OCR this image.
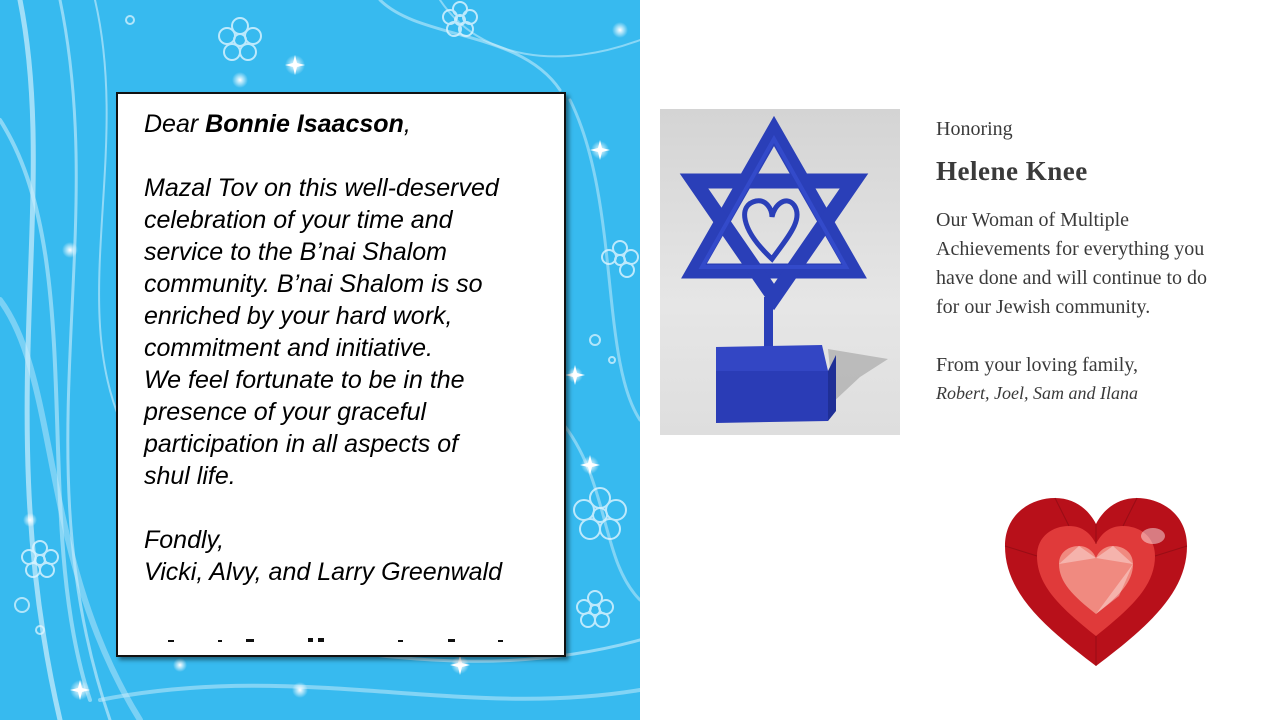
Dear Bonnie Isaacson,

Mazal Tov on this well-deserved

celebration of your time and

service to the B’nai Shalom

community. B’nai Shalom is so

enriched by your hard work,

commitment and initiative.

We feel fortunate to be in the

presence of your graceful

participation in all aspects of

shul life.

Fondly,

Vicki, Alvy, and Larry Greenwald

Honoring
Helene Knee
Our Woman of Multiple
Achievements for everything you
have done and will continue to do
for our Jewish community.
From your loving family,
Robert, Joel, Sam and Ilana
